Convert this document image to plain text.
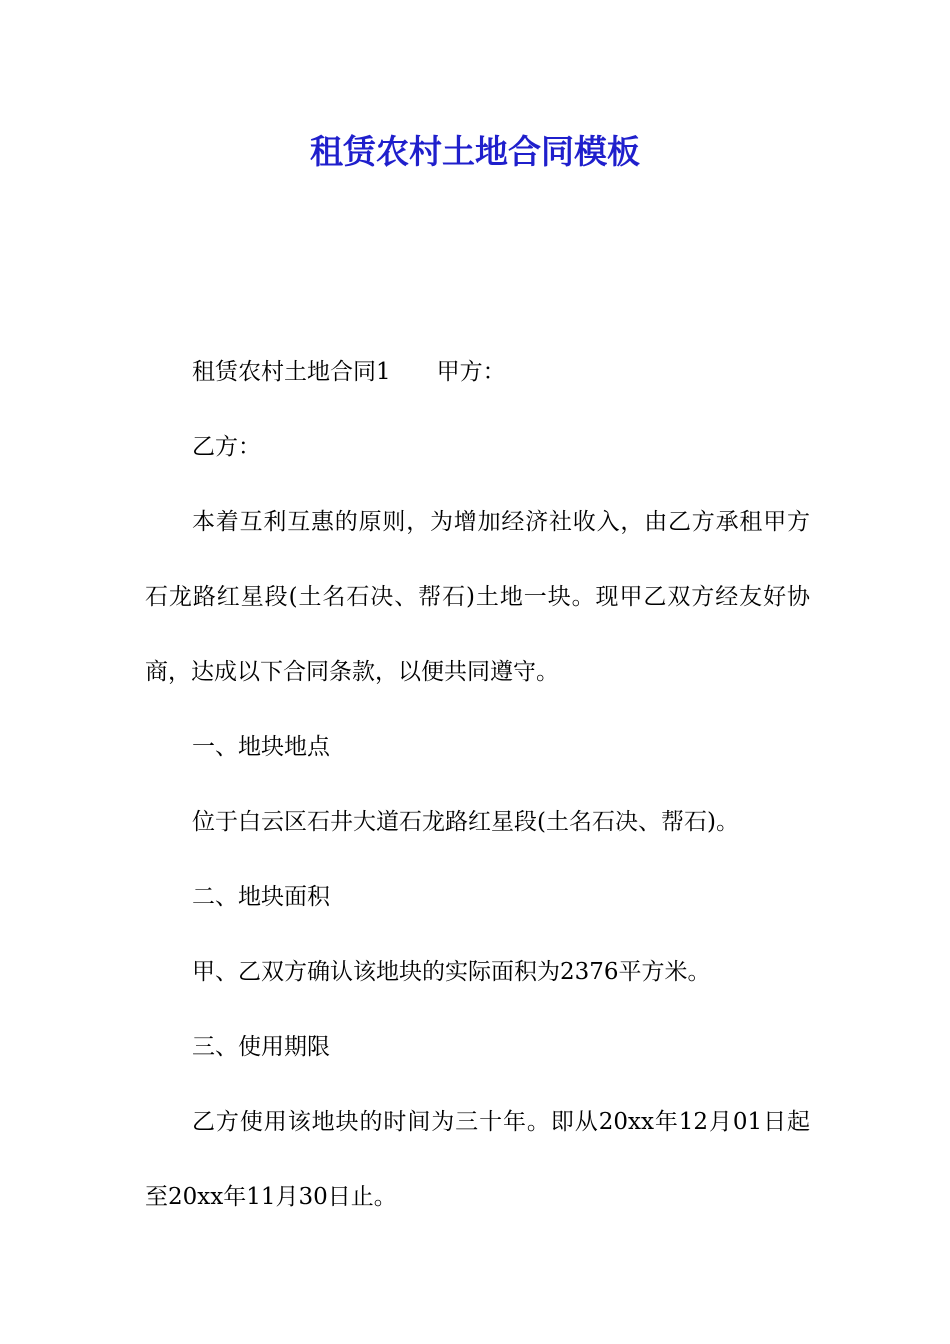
租赁农村土地合同模板

租赁农村土地合同1 甲方：

乙方：

本着互利互惠的原则，为增加经济社收入，由乙方承租甲方石龙路红星段(土名石决、帮石)土地一块。现甲乙双方经友好协商，达成以下合同条款，以便共同遵守。

一、地块地点

位于白云区石井大道石龙路红星段(土名石决、帮石)。

二、地块面积

甲、乙双方确认该地块的实际面积为2376平方米。

三、使用期限

乙方使用该地块的时间为三十年。即从20xx年12月01日起至20xx年11月30日止。
